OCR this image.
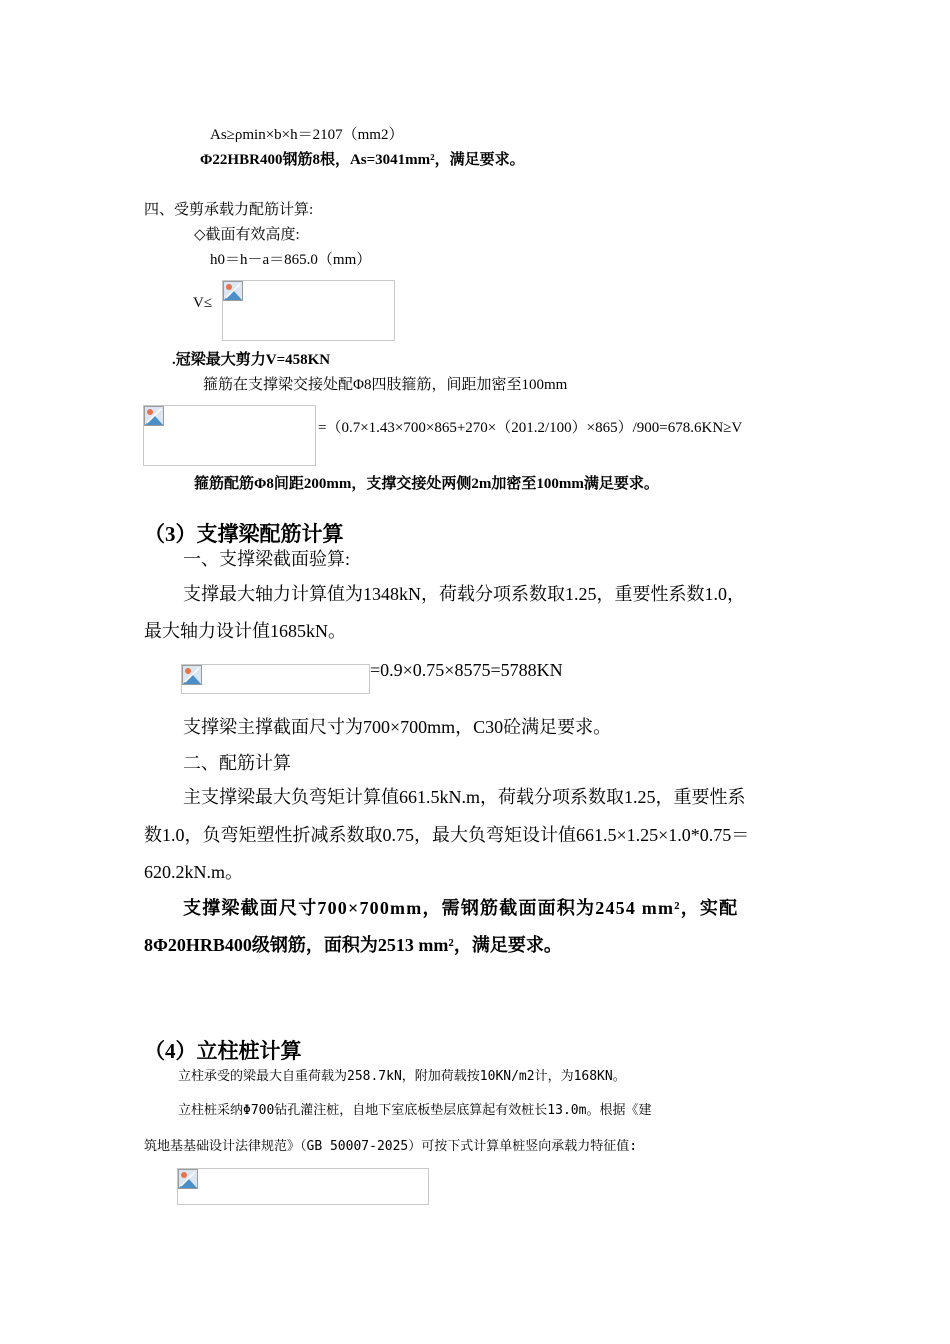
As≥ρmin×b×h＝2107（mm2）
Φ22HBR400钢筋8根，As=3041mm²，满足要求。
四、受剪承载力配筋计算:
◇截面有效高度:
h0＝h－a＝865.0（mm）
V≤
.冠梁最大剪力V=458KN
箍筋在支撑梁交接处配Φ8四肢箍筋，间距加密至100mm
=（0.7×1.43×700×865+270×（201.2/100）×865）/900=678.6KN≥V
箍筋配筋Φ8间距200mm，支撑交接处两侧2m加密至100mm满足要求。
（3）支撑梁配筋计算
一、支撑梁截面验算:
支撑最大轴力计算值为1348kN，荷载分项系数取1.25，重要性系数1.0，
最大轴力设计值1685kN。
=0.9×0.75×8575=5788KN
支撑梁主撑截面尺寸为700×700mm，C30砼满足要求。
二、配筋计算
主支撑梁最大负弯矩计算值661.5kN.m，荷载分项系数取1.25，重要性系
数1.0，负弯矩塑性折减系数取0.75，最大负弯矩设计值661.5×1.25×1.0*0.75＝
620.2kN.m。
支撑梁截面尺寸700×700mm，需钢筋截面面积为2454 mm²，实配
8Φ20HRB400级钢筋，面积为2513 mm²，满足要求。
（4）立柱桩计算
立柱承受的梁最大自重荷载为258.7kN，附加荷载按10KN/m2计，为168KN。
立柱桩采纳Φ700钻孔灌注桩，自地下室底板垫层底算起有效桩长13.0m。根据《建
筑地基基础设计法律规范》（GB 50007-2025）可按下式计算单桩竖向承载力特征值:
